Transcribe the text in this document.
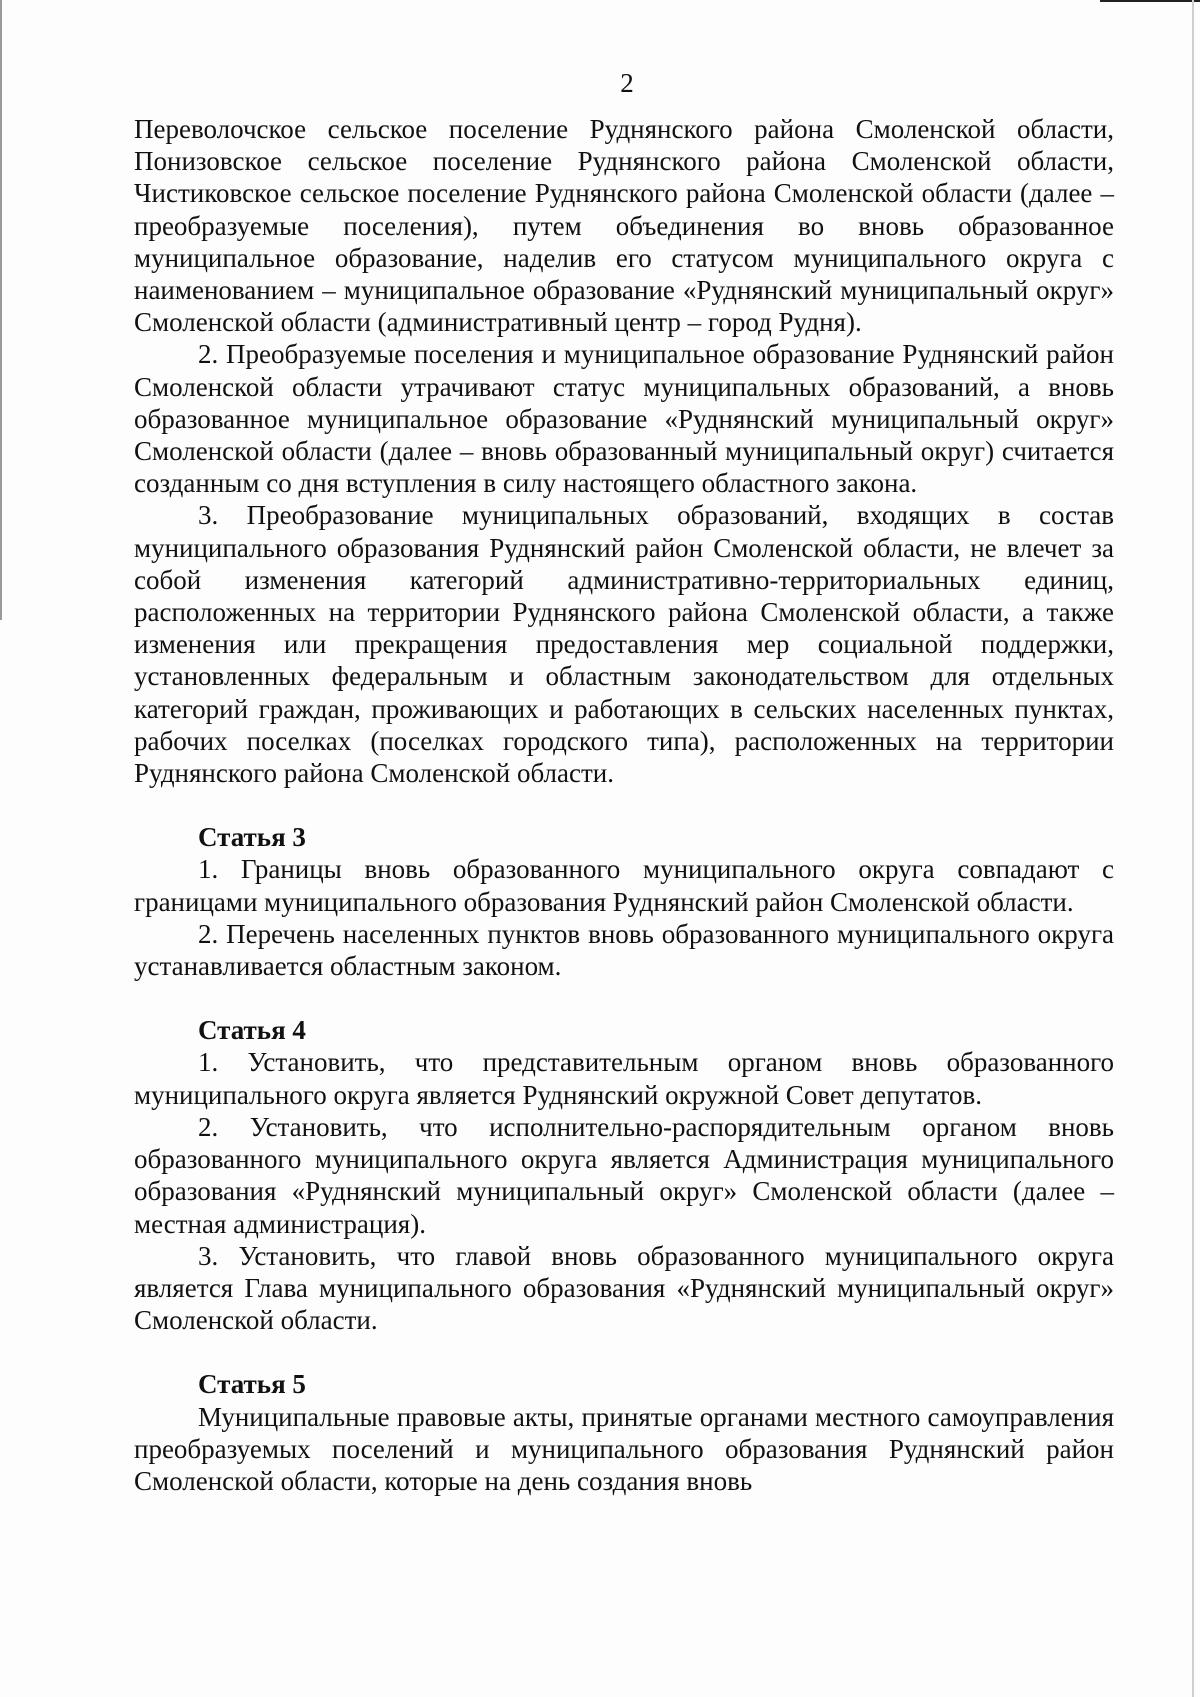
2

Переволочское сельское поселение Руднянского района Смоленской области, Понизовское сельское поселение Руднянского района Смоленской области, Чистиковское сельское поселение Руднянского района Смоленской области (далее – преобразуемые поселения), путем объединения во вновь образованное муниципальное образование, наделив его статусом муниципального округа с наименованием – муниципальное образование «Руднянский муниципальный округ» Смоленской области (административный центр – город Рудня).

2. Преобразуемые поселения и муниципальное образование Руднянский район Смоленской области утрачивают статус муниципальных образований, а вновь образованное муниципальное образование «Руднянский муниципальный округ» Смоленской области (далее – вновь образованный муниципальный округ) считается созданным со дня вступления в силу настоящего областного закона.

3. Преобразование муниципальных образований, входящих в состав муниципального образования Руднянский район Смоленской области, не влечет за собой изменения категорий административно-территориальных единиц, расположенных на территории Руднянского района Смоленской области, а также изменения или прекращения предоставления мер социальной поддержки, установленных федеральным и областным законодательством для отдельных категорий граждан, проживающих и работающих в сельских населенных пунктах, рабочих поселках (поселках городского типа), расположенных на территории Руднянского района Смоленской области.

Статья 3

1. Границы вновь образованного муниципального округа совпадают с границами муниципального образования Руднянский район Смоленской области.

2. Перечень населенных пунктов вновь образованного муниципального округа устанавливается областным законом.

Статья 4

1. Установить, что представительным органом вновь образованного муниципального округа является Руднянский окружной Совет депутатов.

2. Установить, что исполнительно-распорядительным органом вновь образованного муниципального округа является Администрация муниципального образования «Руднянский муниципальный округ» Смоленской области (далее – местная администрация).

3. Установить, что главой вновь образованного муниципального округа является Глава муниципального образования «Руднянский муниципальный округ» Смоленской области.

Статья 5

Муниципальные правовые акты, принятые органами местного самоуправления преобразуемых поселений и муниципального образования Руднянский район Смоленской области, которые на день создания вновь
